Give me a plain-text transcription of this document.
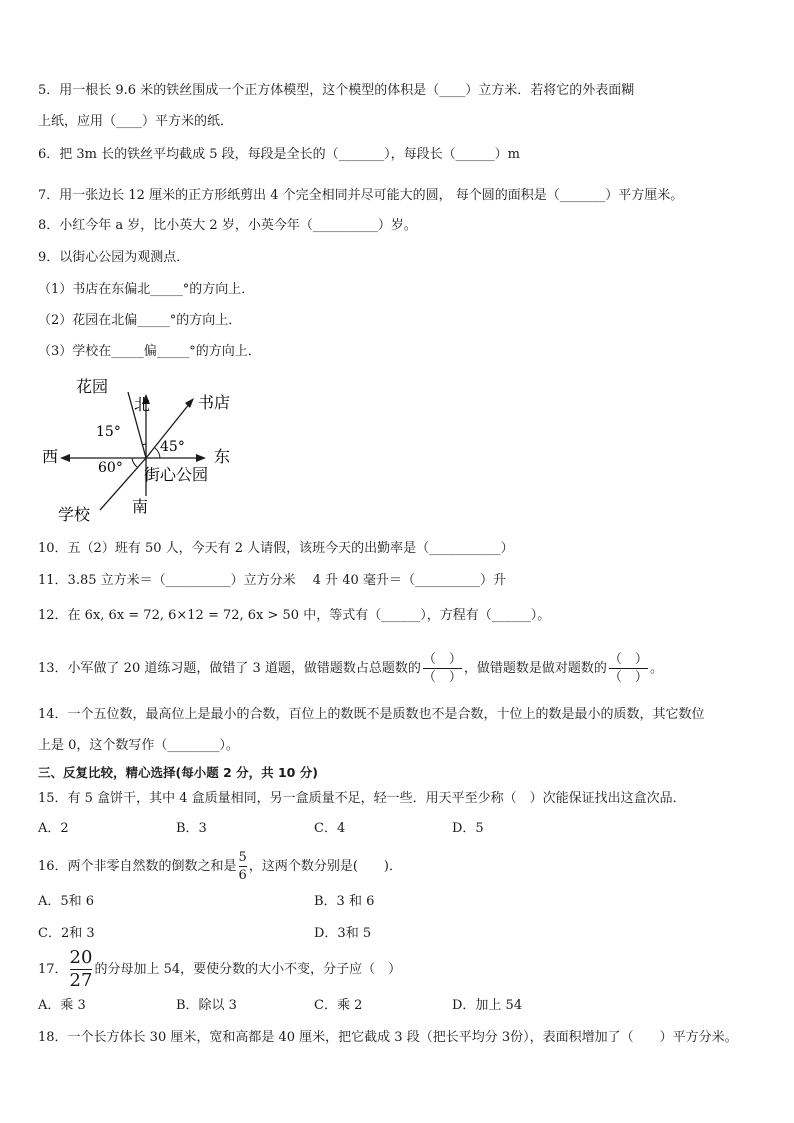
5．用一根长 9.6 米的铁丝围成一个正方体模型，这个模型的体积是（____）立方米．若将它的外表面糊
上纸，应用（____）平方米的纸．
6．把 3m 长的铁丝平均截成 5 段，每段是全长的（_______），每段长（______）m
7．用一张边长 12 厘米的正方形纸剪出 4 个完全相同并尽可能大的圆， 每个圆的面积是（_______）平方厘米。
8．小红今年 a 岁，比小英大 2 岁，小英今年（__________）岁。
9．以街心公园为观测点．
（1）书店在东偏北_____°的方向上．
（2）花园在北偏_____°的方向上．
（3）学校在_____偏_____°的方向上．
花园
北	书店
西	东
15°
45°
60° 街心公园
南
学校
10．五（2）班有 50 人，今天有 2 人请假，该班今天的出勤率是（___________）
11．3.85 立方米＝（__________）立方分米　 4 升 40 毫升＝（__________）升
12．在 6x, 6x = 72, 6×12 = 72, 6x > 50 中，等式有（______），方程有（______）。
13．小军做了 20 道练习题，做错了 3 道题，做错题数占总题数的 $\frac{( )}{( )}$ ，做错题数是做对题数的 $\frac{( )}{( )}$ 。
14．一个五位数，最高位上是最小的合数，百位上的数既不是质数也不是合数，十位上的数是最小的质数，其它数位
上是 0，这个数写作（________）。
三、反复比较，精心选择(每小题 2 分，共 10 分)
15．有 5 盒饼干，其中 4 盒质量相同，另一盒质量不足，轻一些．用天平至少称（　）次能保证找出这盒次品．
A．2	B．3	C．4	D．5
16．两个非零自然数的倒数之和是 $\frac{5}{6}$ ，这两个数分别是(　　)．
A．5和 6	B．3 和 6
C．2和 3	D．3和 5
17． $\frac{20}{27}$ 的分母加上 54，要使分数的大小不变，分子应（　）
A．乘 3	B．除以 3	C．乘 2	D．加上 54
18．一个长方体长 30 厘米，宽和高都是 40 厘米，把它截成 3 段（把长平均分 3份），表面积增加了（　　）平方分米。
